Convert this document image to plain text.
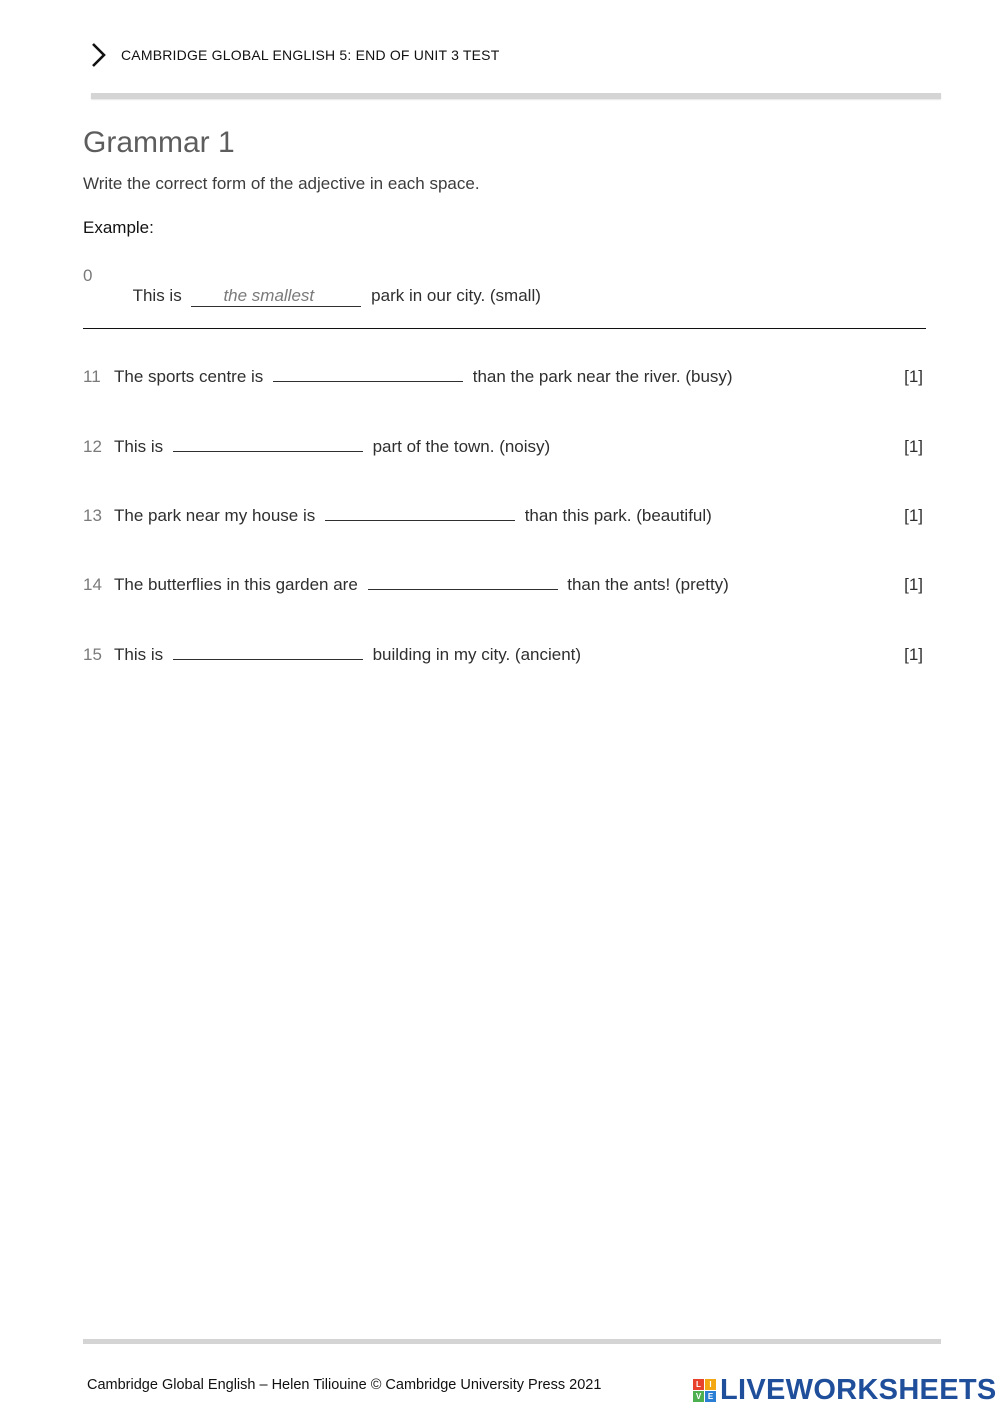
CAMBRIDGE GLOBAL ENGLISH 5: END OF UNIT 3 TEST
Grammar 1
Write the correct form of the adjective in each space.
Example:
0

This is the smallest	park in our city. (small)

11 The sports centre is	than the park near the river. (busy)	[1]
12 This is	part of the town. (noisy)	[1]
13 The park near my house is	than this park. (beautiful)	[1]
14 The butterflies in this garden are	than the ants! (pretty)	[1]
15 This is	building in my city. (ancient)	[1]
Cambridge Global English – Helen Tiliouine © Cambridge University Press 2021	L	I
V E LIVEWORKSHEETS
